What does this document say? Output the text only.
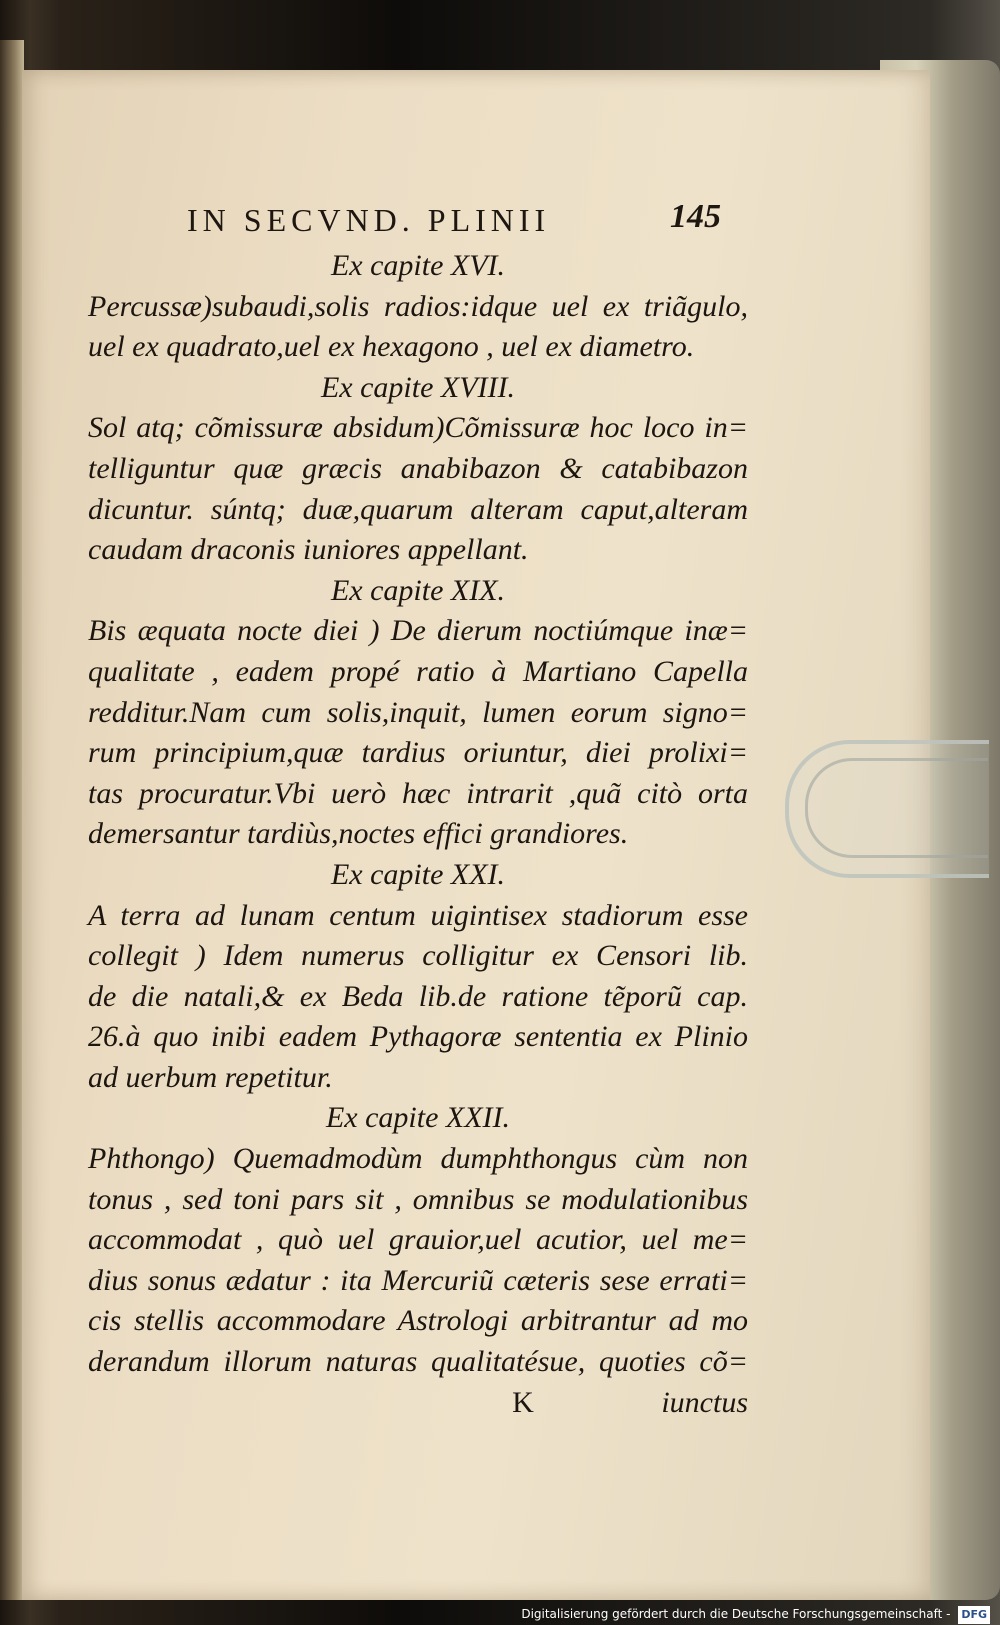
IN SECVND. PLINII	145
Ex capite XVI.
Percussæ)subaudi,solis radios:idque uel ex triãgulo,
uel ex quadrato,uel ex hexagono , uel ex diametro.
Ex capite XVIII.
Sol atq; cõmissuræ absidum)Cõmissuræ hoc loco in=
telliguntur quæ græcis anabibazon & catabibazon
dicuntur. súntq; duæ,quarum alteram caput,alteram
caudam draconis iuniores appellant.
Ex capite XIX.
Bis æquata nocte diei ) De dierum noctiúmque inæ=
qualitate , eadem propé ratio à Martiano Capella
redditur.Nam cum solis,inquit, lumen eorum signo=
rum principium,quæ tardius oriuntur, diei prolixi=
tas procuratur.Vbi uerò hæc intrarit ,quã citò orta
demersantur tardiùs,noctes effici grandiores.
Ex capite XXI.
A terra ad lunam centum uigintisex stadiorum esse
collegit ) Idem numerus colligitur ex Censori lib.
de die natali,& ex Beda lib.de ratione tẽporũ cap.
26.à quo inibi eadem Pythagoræ sententia ex Plinio
ad uerbum repetitur.
Ex capite XXII.
Phthongo) Quemadmodùm dumphthongus cùm non
tonus , sed toni pars sit , omnibus se modulationibus
accommodat , quò uel grauior,uel acutior, uel me=
dius sonus ædatur : ita Mercuriũ cæteris sese errati=
cis stellis accommodare Astrologi arbitrantur ad mo
derandum illorum naturas qualitatésue, quoties cõ=
K	iunctus
Digitalisierung gefördert durch die Deutsche Forschungsgemeinschaft - DFG
